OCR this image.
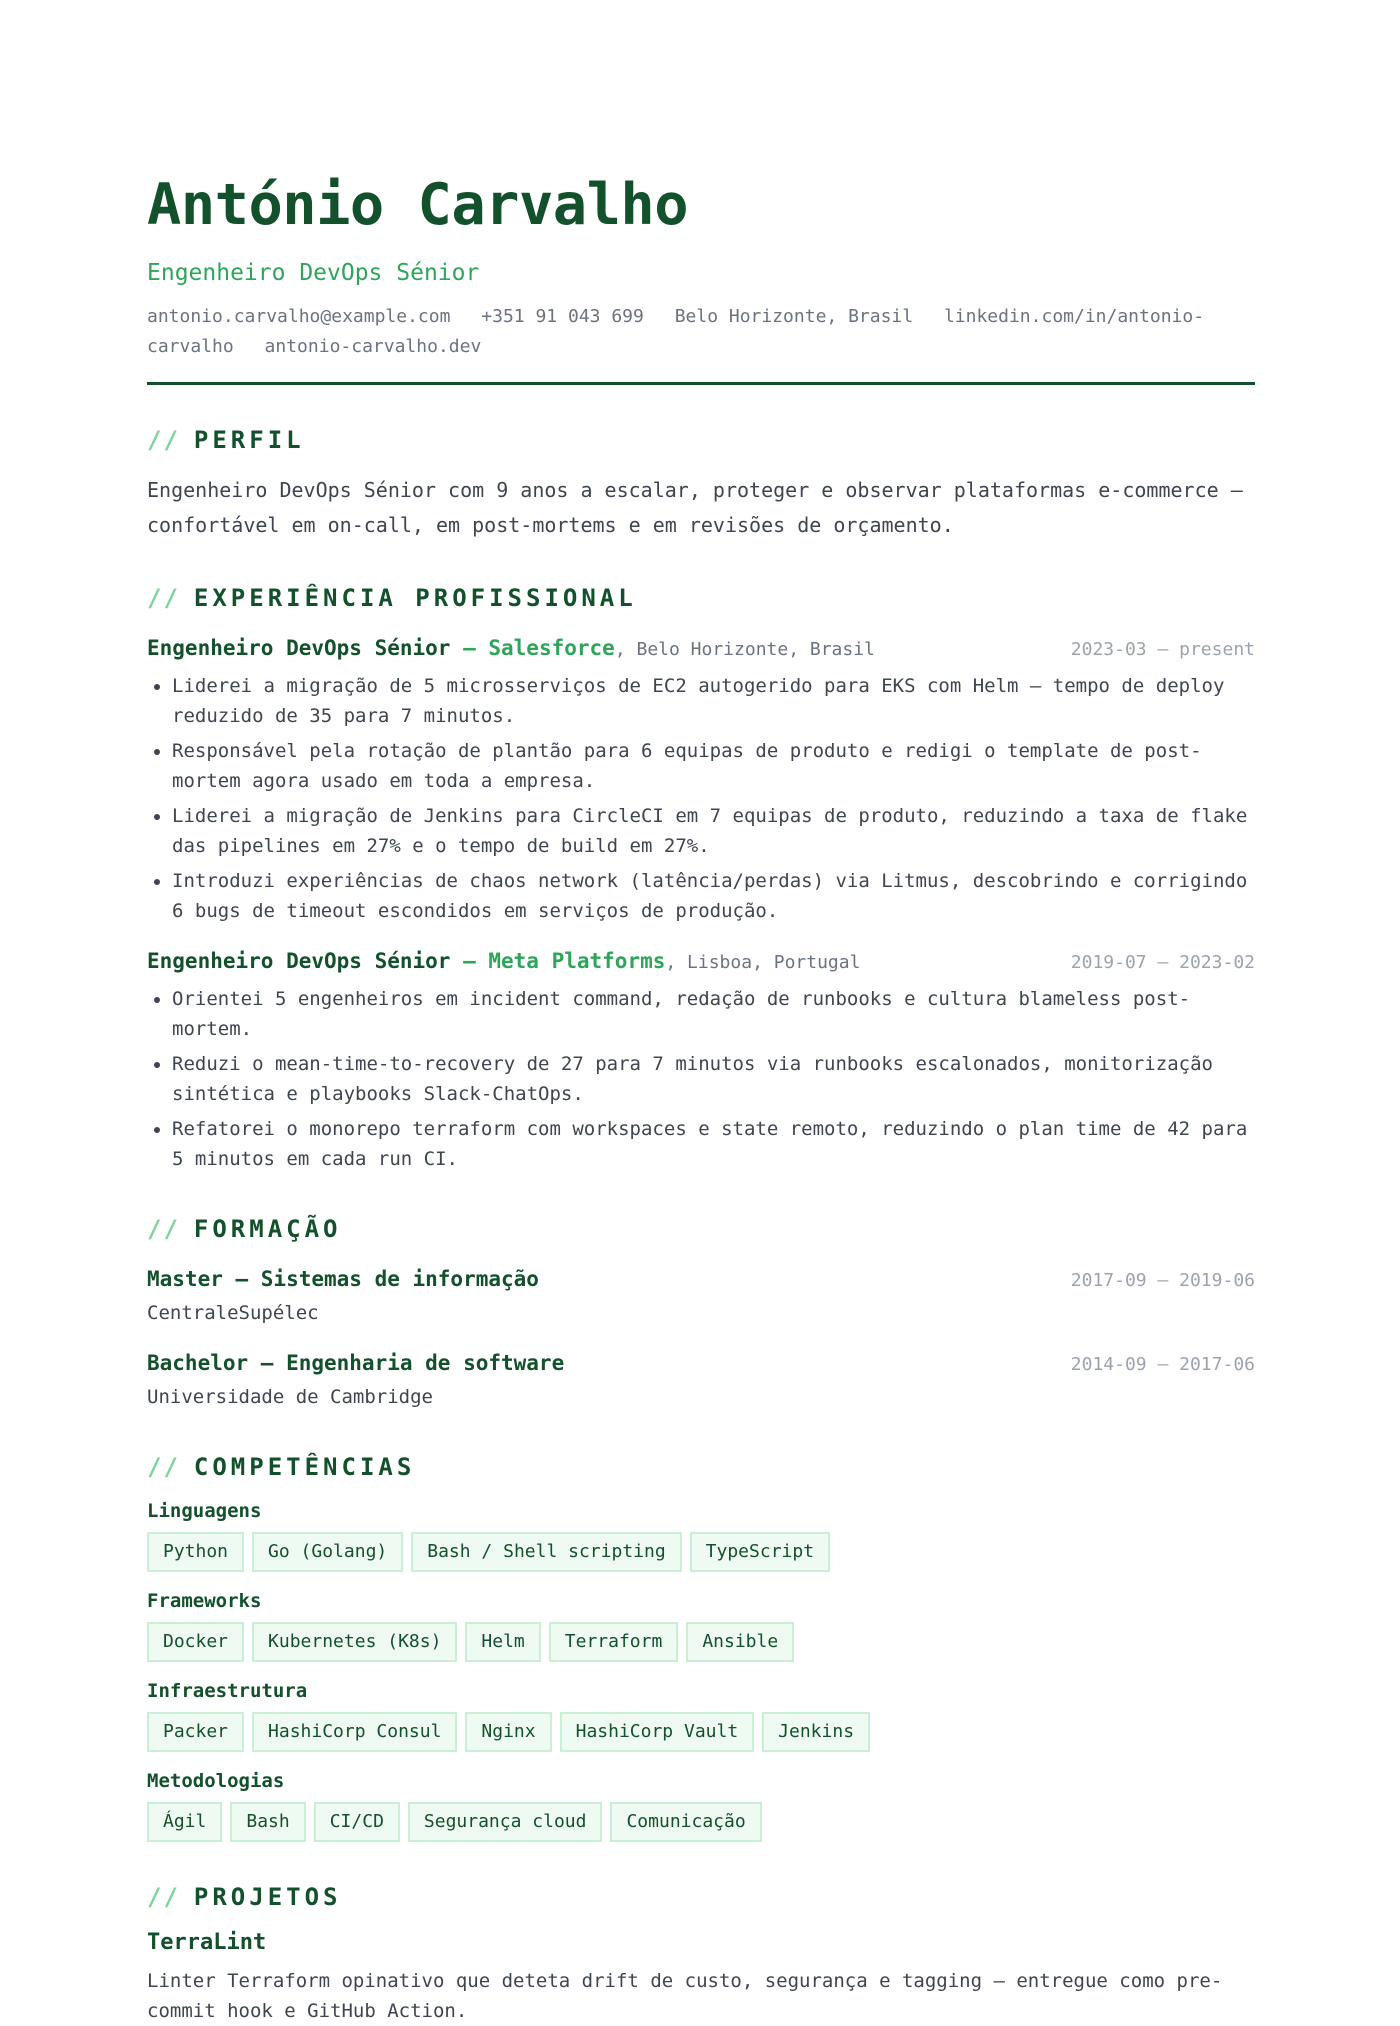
António Carvalho
Engenheiro DevOps Sénior
antonio.carvalho@example.com +351 91 043 699 Belo Horizonte, Brasil linkedin.com/in/antonio-carvalho antonio-carvalho.dev
// PERFIL
Engenheiro DevOps Sénior com 9 anos a escalar, proteger e observar plataformas e-commerce — confortável em on-call, em post-mortems e em revisões de orçamento.
// EXPERIÊNCIA PROFISSIONAL
Engenheiro DevOps Sénior — Salesforce, Belo Horizonte, Brasil	2023-03 – present
• Liderei a migração de 5 microsserviços de EC2 autogerido para EKS com Helm — tempo de deploy reduzido de 35 para 7 minutos.
• Responsável pela rotação de plantão para 6 equipas de produto e redigi o template de post-mortem agora usado em toda a empresa.
• Liderei a migração de Jenkins para CircleCI em 7 equipas de produto, reduzindo a taxa de flake das pipelines em 27% e o tempo de build em 27%.
• Introduzi experiências de chaos network (latência/perdas) via Litmus, descobrindo e corrigindo 6 bugs de timeout escondidos em serviços de produção.
Engenheiro DevOps Sénior — Meta Platforms, Lisboa, Portugal	2019-07 – 2023-02
• Orientei 5 engenheiros em incident command, redação de runbooks e cultura blameless post-mortem.
• Reduzi o mean-time-to-recovery de 27 para 7 minutos via runbooks escalonados, monitorização sintética e playbooks Slack-ChatOps.
• Refatorei o monorepo terraform com workspaces e state remoto, reduzindo o plan time de 42 para 5 minutos em cada run CI.
// FORMAÇÃO
Master — Sistemas de informação	2017-09 – 2019-06
CentraleSupélec
Bachelor — Engenharia de software	2014-09 – 2017-06
Universidade de Cambridge
// COMPETÊNCIAS
Linguagens
Python	Go (Golang)	Bash / Shell scripting	TypeScript
Frameworks
Docker	Kubernetes (K8s)	Helm	Terraform	Ansible
Infraestrutura
Packer	HashiCorp Consul	Nginx	HashiCorp Vault	Jenkins
Metodologias
Ágil	Bash	CI/CD	Segurança cloud	Comunicação
// PROJETOS
TerraLint
Linter Terraform opinativo que deteta drift de custo, segurança e tagging — entregue como pre-commit hook e GitHub Action.
